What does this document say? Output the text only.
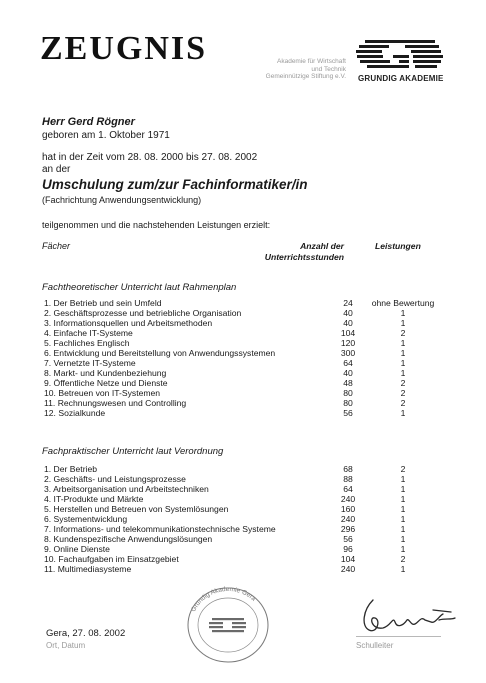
ZEUGNIS	Akademie für Wirtschaft
und Technik
Gemeinnützige Stiftung e.V. GRUNDIG AKADEMIE
Herr Gerd Rögner
geboren am 1. Oktober 1971
hat in der Zeit vom 28. 08. 2000 bis 27. 08. 2002
an der
Umschulung zum/zur Fachinformatiker/in
(Fachrichtung Anwendungsentwicklung)
teilgenommen und die nachstehenden Leistungen erzielt:
Fächer	Anzahl der
Unterrichtsstunden
Leistungen
Fachtheoretischer Unterricht laut Rahmenplan
1. Der Betrieb und sein Umfeld	24	ohne Bewertung
2. Geschäftsprozesse und betriebliche Organisation	40	1
3. Informationsquellen und Arbeitsmethoden	40	1
4. Einfache IT-Systeme	104	2
5. Fachliches Englisch	120	1
6. Entwicklung und Bereitstellung von Anwendungssystemen	300	1
7. Vernetzte IT-Systeme	64	1
8. Markt- und Kundenbeziehung	40	1
9. Öffentliche Netze und Dienste	48	2
10. Betreuen von IT-Systemen	80	2
11. Rechnungswesen und Controlling	80	2
12. Sozialkunde	56	1
Fachpraktischer Unterricht laut Verordnung
1. Der Betrieb	68	2
2. Geschäfts- und Leistungsprozesse	88	1
3. Arbeitsorganisation und Arbeitstechniken	64	1
4. IT-Produkte und Märkte	240	1
5. Herstellen und Betreuen von Systemlösungen	160	1
6. Systementwicklung	240	1
7. Informations- und telekommunikationstechnische Systeme	296	1
8. Kundenspezifische Anwendungslösungen	56	1
9. Online Dienste	96	1
10. Fachaufgaben im Einsatzgebiet	104	2
11. Multimediasysteme	240	1
Grundig Akademie Gera
Gera, 27. 08. 2002
Ort, Datum	Schulleiter
